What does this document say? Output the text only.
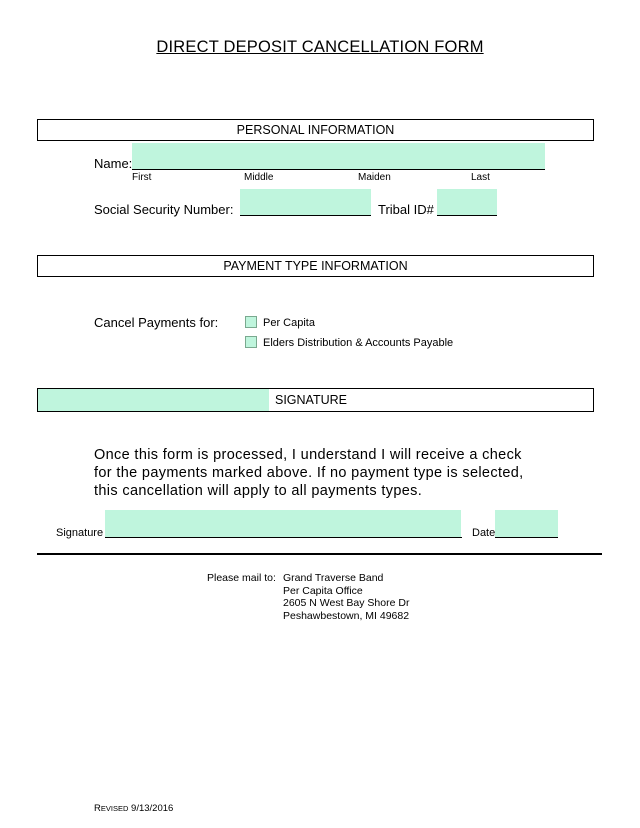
DIRECT DEPOSIT CANCELLATION FORM
PERSONAL INFORMATION
Name:
First	Middle	Maiden	Last
Social Security Number:	Tribal ID#
PAYMENT TYPE INFORMATION
Cancel Payments for:	Per Capita
Elders Distribution & Accounts Payable
SIGNATURE
Once this form is processed, I understand I will receive a check
for the payments marked above. If no payment type is selected,
this cancellation will apply to all payments types.
Signature	Date
Please mail to: Grand Traverse Band
Per Capita Office
2605 N West Bay Shore Dr
Peshawbestown, MI 49682
REVISED 9/13/2016
